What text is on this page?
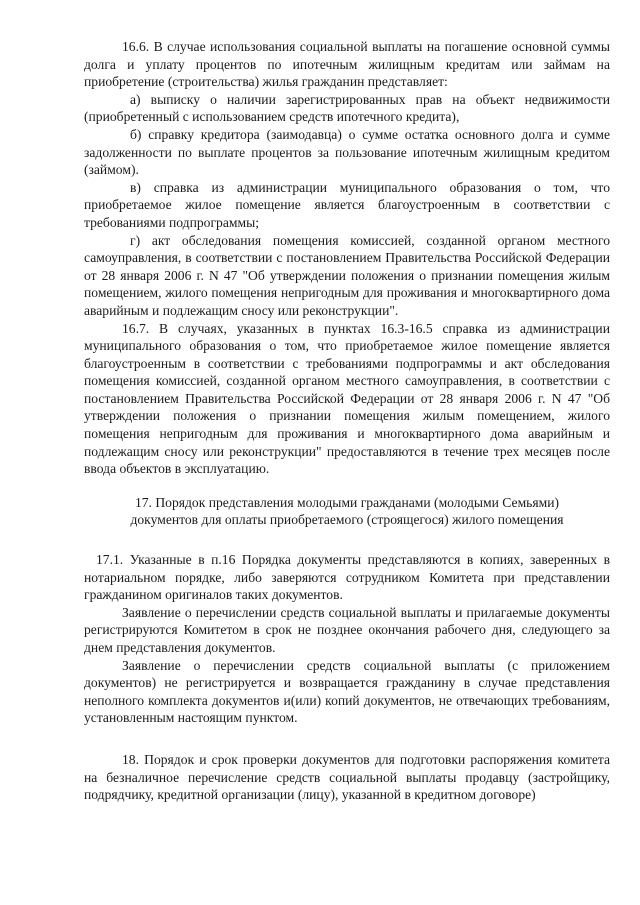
16.6. В случае использования социальной выплаты на погашение основной суммы долга и уплату процентов по ипотечным жилищным кредитам или займам на приобретение (строительства) жилья гражданин представляет:

а) выписку о наличии зарегистрированных прав на объект недвижимости (приобретенный с использованием средств ипотечного кредита),

б) справку кредитора (заимодавца) о сумме остатка основного долга и сумме задолженности по выплате процентов за пользование ипотечным жилищным кредитом (займом).

в) справка из администрации муниципального образования о том, что приобретаемое жилое помещение является благоустроенным в соответствии с требованиями подпрограммы;

г) акт обследования помещения комиссией, созданной органом местного самоуправления, в соответствии с постановлением Правительства Российской Федерации от 28 января 2006 г. N 47 "Об утверждении положения о признании помещения жилым помещением, жилого помещения непригодным для проживания и многоквартирного дома аварийным и подлежащим сносу или реконструкции".

16.7. В случаях, указанных в пунктах 16.3-16.5 справка из администрации муниципального образования о том, что приобретаемое жилое помещение является благоустроенным в соответствии с требованиями подпрограммы и акт обследования помещения комиссией, созданной органом местного самоуправления, в соответствии с постановлением Правительства Российской Федерации от 28 января 2006 г. N 47 "Об утверждении положения о признании помещения жилым помещением, жилого помещения непригодным для проживания и многоквартирного дома аварийным и подлежащим сносу или реконструкции" предоставляются в течение трех месяцев после ввода объектов в эксплуатацию.

17. Порядок представления молодыми гражданами (молодыми Семьями)
документов для оплаты приобретаемого (строящегося) жилого помещения

17.1. Указанные в п.16 Порядка документы представляются в копиях, заверенных в нотариальном порядке, либо заверяются сотрудником Комитета при представлении гражданином оригиналов таких документов.

Заявление о перечислении средств социальной выплаты и прилагаемые документы регистрируются Комитетом в срок не позднее окончания рабочего дня, следующего за днем представления документов.

Заявление о перечислении средств социальной выплаты (с приложением документов) не регистрируется и возвращается гражданину в случае представления неполного комплекта документов и(или) копий документов, не отвечающих требованиям, установленным настоящим пунктом.

18. Порядок и срок проверки документов для подготовки распоряжения комитета на безналичное перечисление средств социальной выплаты продавцу (застройщику, подрядчику, кредитной организации (лицу), указанной в кредитном договоре)
